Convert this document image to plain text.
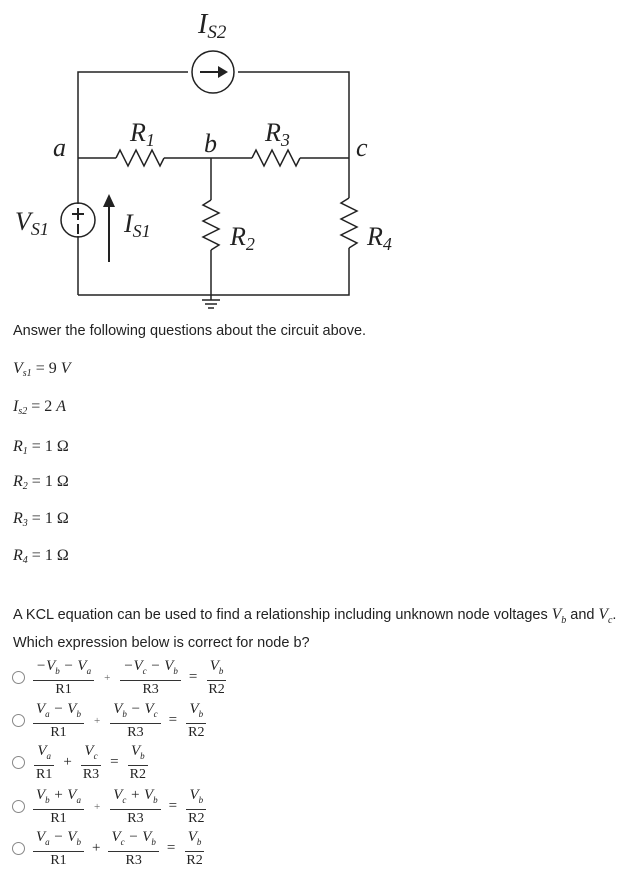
IS2
R1	R3
a	b	c
VS1	IS1	R2	R4
Answer the following questions about the circuit above.
$V_{s1} = 9$ V
$I_{s2} = 2$ A
$R_1 = 1$ Ω
$R_2 = 1$ Ω
$R_3 = 1$ Ω
$R_4 = 1$ Ω
A KCL equation can be used to find a relationship including unknown node voltages $V_b$ and $V_c$. Which expression below is correct for node b?
$\frac{-V_b - V_a}{R1} + \frac{-V_c - V_b}{R3} = \frac{V_b}{R2}$
$\frac{V_a - V_b}{R1} + \frac{V_b - V_c}{R3} = \frac{V_b}{R2}$
$\frac{V_a}{R1} + \frac{V_c}{R3} = \frac{V_b}{R2}$
$\frac{V_b + V_a}{R1} + \frac{V_c + V_b}{R3} = \frac{V_b}{R2}$
$\frac{V_a - V_b}{R1} + \frac{V_c - V_b}{R3} = \frac{V_b}{R2}$
